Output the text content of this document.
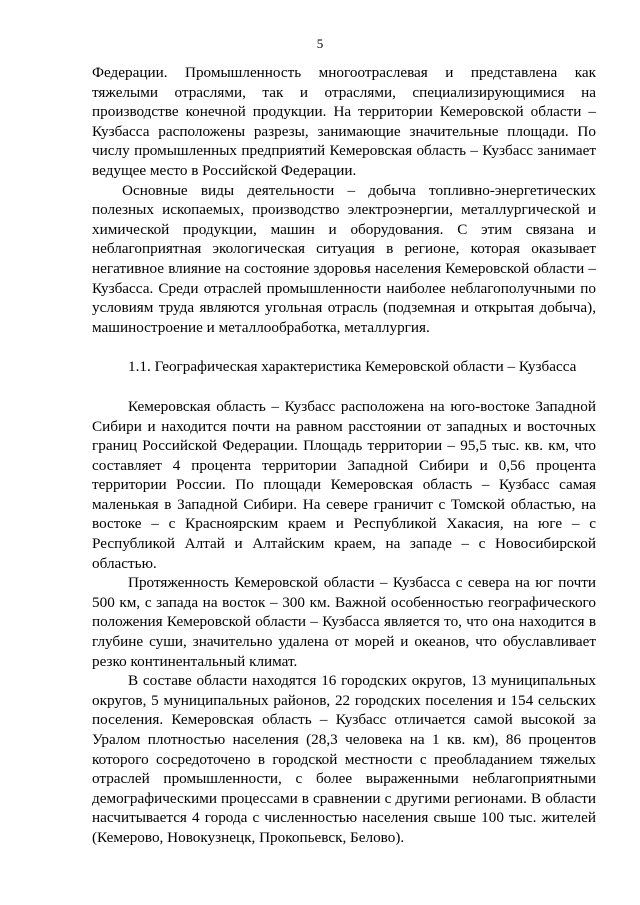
5

Федерации. Промышленность многоотраслевая и представлена как тяжелыми отраслями, так и отраслями, специализирующимися на производстве конечной продукции. На территории Кемеровской области – Кузбасса расположены разрезы, занимающие значительные площади. По числу промышленных предприятий Кемеровская область – Кузбасс занимает ведущее место в Российской Федерации.

Основные виды деятельности – добыча топливно-энергетических полезных ископаемых, производство электроэнергии, металлургической и химической продукции, машин и оборудования. С этим связана и неблагоприятная экологическая ситуация в регионе, которая оказывает негативное влияние на состояние здоровья населения Кемеровской области – Кузбасса. Среди отраслей промышленности наиболее неблагополучными по условиям труда являются угольная отрасль (подземная и открытая добыча), машиностроение и металлообработка, металлургия.

1.1. Географическая характеристика Кемеровской области – Кузбасса

Кемеровская область – Кузбасс расположена на юго-востоке Западной Сибири и находится почти на равном расстоянии от западных и восточных границ Российской Федерации. Площадь территории – 95,5 тыс. кв. км, что составляет 4 процента территории Западной Сибири и 0,56 процента территории России. По площади Кемеровская область – Кузбасс самая маленькая в Западной Сибири. На севере граничит с Томской областью, на востоке – с Красноярским краем и Республикой Хакасия, на юге – с Республикой Алтай и Алтайским краем, на западе – с Новосибирской областью.

Протяженность Кемеровской области – Кузбасса с севера на юг почти 500 км, с запада на восток – 300 км. Важной особенностью географического положения Кемеровской области – Кузбасса является то, что она находится в глубине суши, значительно удалена от морей и океанов, что обуславливает резко континентальный климат.

В составе области находятся 16 городских округов, 13 муниципальных округов, 5 муниципальных районов, 22 городских поселения и 154 сельских поселения. Кемеровская область – Кузбасс отличается самой высокой за Уралом плотностью населения (28,3 человека на 1 кв. км), 86 процентов которого сосредоточено в городской местности с преобладанием тяжелых отраслей промышленности, с более выраженными неблагоприятными демографическими процессами в сравнении с другими регионами. В области насчитывается 4 города с численностью населения свыше 100 тыс. жителей (Кемерово, Новокузнецк, Прокопьевск, Белово).
